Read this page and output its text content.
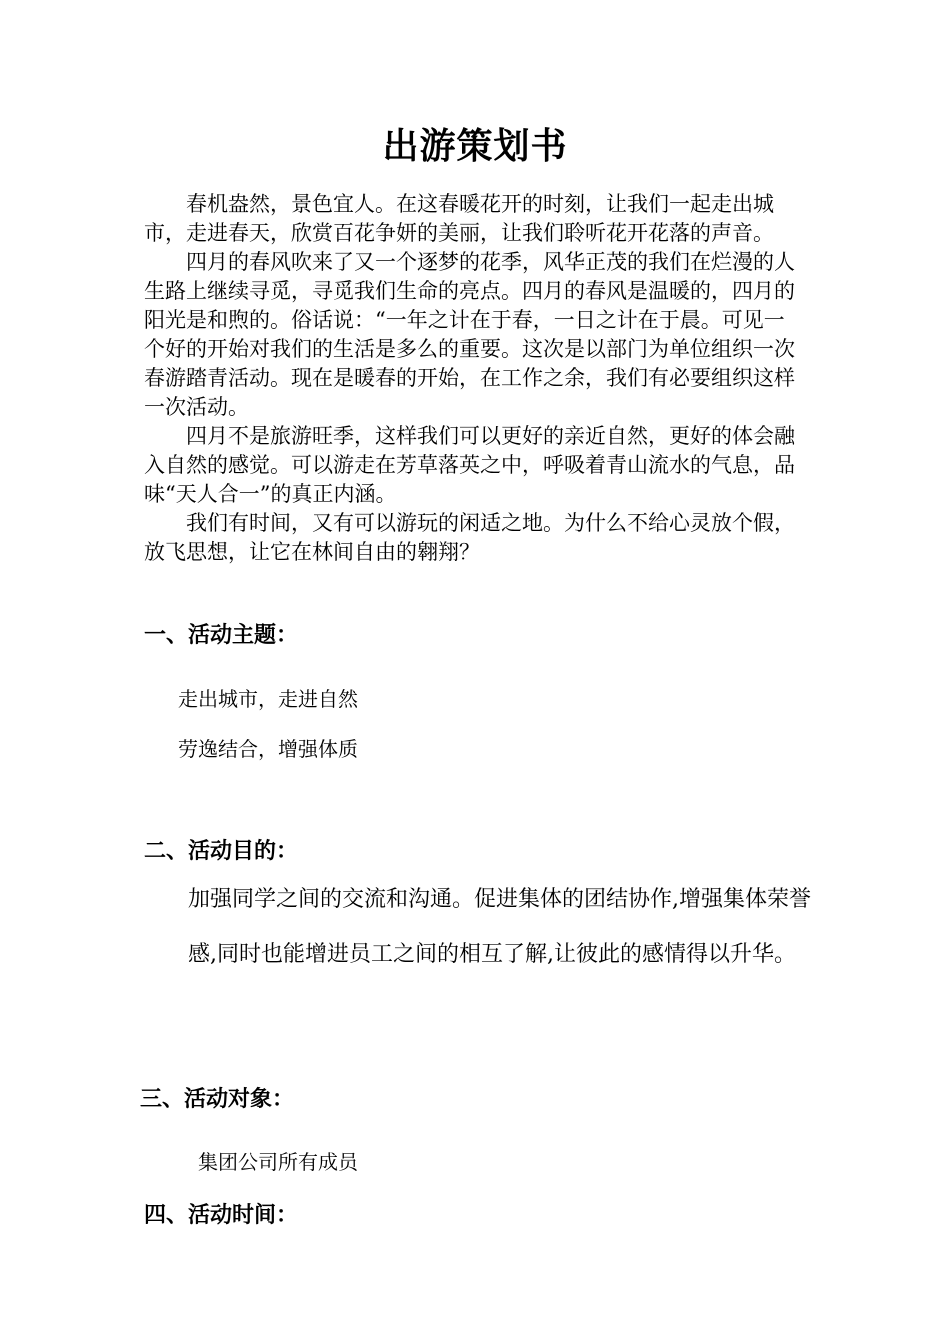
出游策划书

春机盎然，景色宜人。在这春暖花开的时刻，让我们一起走出城市，走进春天，欣赏百花争妍的美丽，让我们聆听花开花落的声音。

四月的春风吹来了又一个逐梦的花季，风华正茂的我们在烂漫的人生路上继续寻觅，寻觅我们生命的亮点。四月的春风是温暖的，四月的阳光是和煦的。俗话说：“一年之计在于春，一日之计在于晨。可见一个好的开始对我们的生活是多么的重要。这次是以部门为单位组织一次春游踏青活动。现在是暖春的开始，在工作之余，我们有必要组织这样一次活动。

四月不是旅游旺季，这样我们可以更好的亲近自然，更好的体会融入自然的感觉。可以游走在芳草落英之中，呼吸着青山流水的气息，品味“天人合一”的真正内涵。

我们有时间，又有可以游玩的闲适之地。为什么不给心灵放个假，放飞思想，让它在林间自由的翱翔？

一、活动主题：
走出城市，走进自然
劳逸结合，增强体质
二、活动目的：
加强同学之间的交流和沟通。促进集体的团结协作,增强集体荣誉感,同时也能增进员工之间的相互了解,让彼此的感情得以升华。
三、活动对象：
集团公司所有成员
四、活动时间：
